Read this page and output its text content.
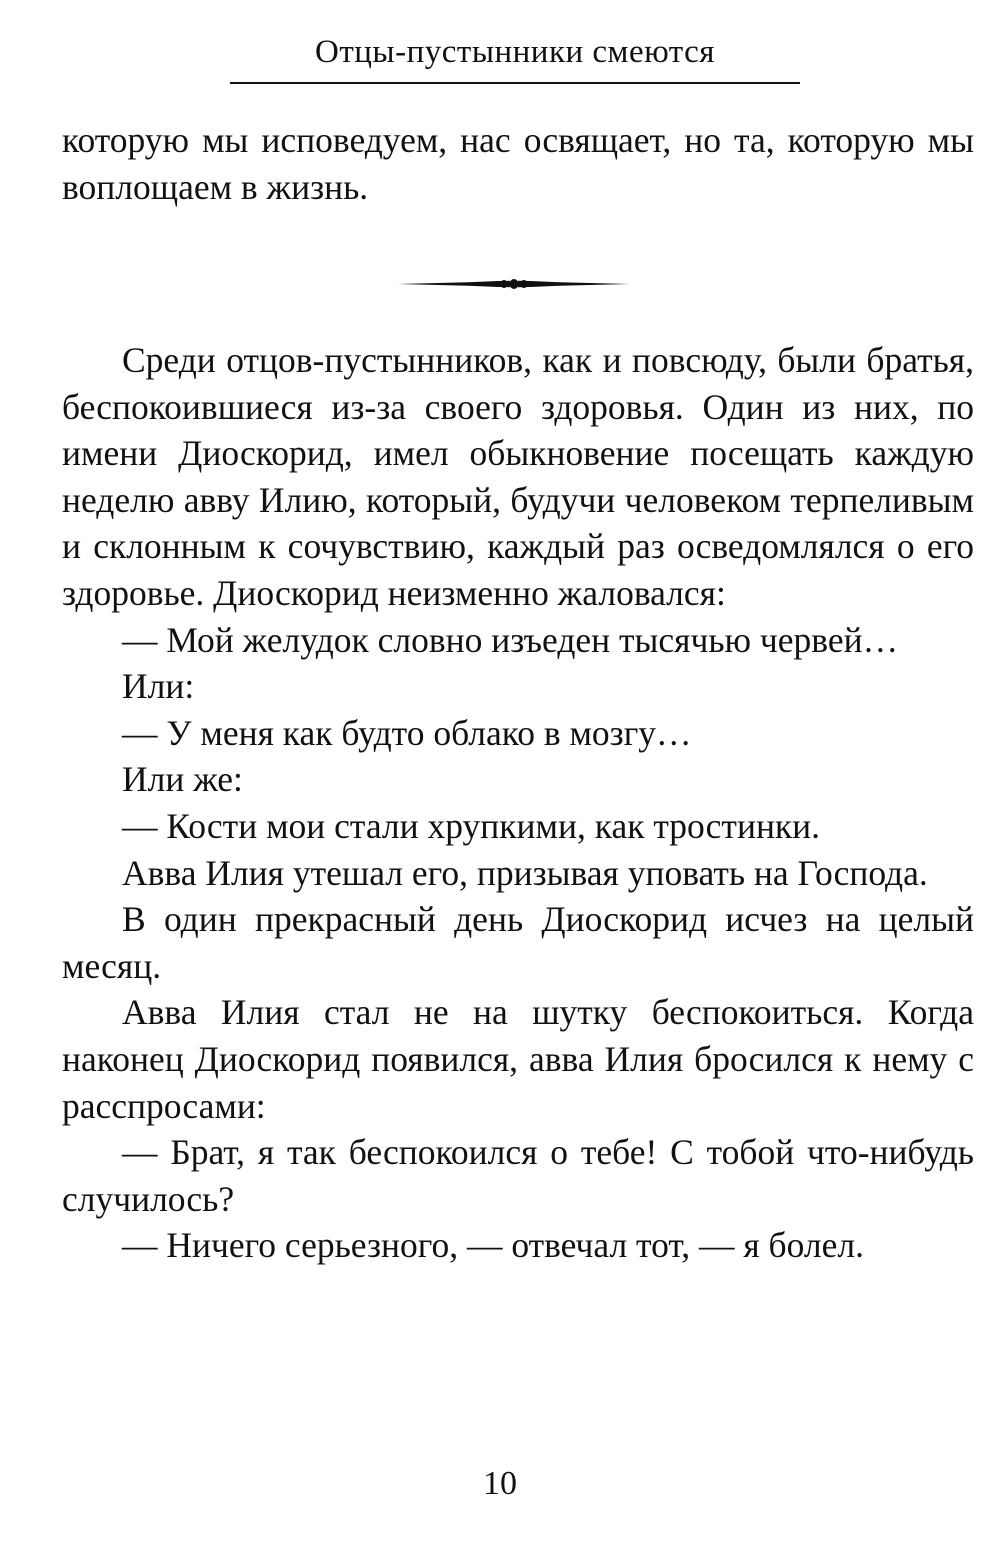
Отцы-пустынники смеются

которую мы исповедуем, нас освящает, но та, которую мы воплощаем в жизнь.

Среди отцов-пустынников, как и повсюду, были братья, беспокоившиеся из-за своего здоровья. Один из них, по имени Диоскорид, имел обыкновение посещать каждую неделю авву Илию, который, будучи человеком терпеливым и склонным к сочувствию, каждый раз осведомлялся о его здоровье. Диоскорид неизменно жаловался:

— Мой желудок словно изъеден тысячью червей…

Или:

— У меня как будто облако в мозгу…

Или же:

— Кости мои стали хрупкими, как тростинки.

Авва Илия утешал его, призывая уповать на Господа.

В один прекрасный день Диоскорид исчез на целый месяц.

Авва Илия стал не на шутку беспокоиться. Когда наконец Диоскорид появился, авва Илия бросился к нему с расспросами:

— Брат, я так беспокоился о тебе! С тобой что-нибудь случилось?

— Ничего серьезного, — отвечал тот, — я болел.

10
